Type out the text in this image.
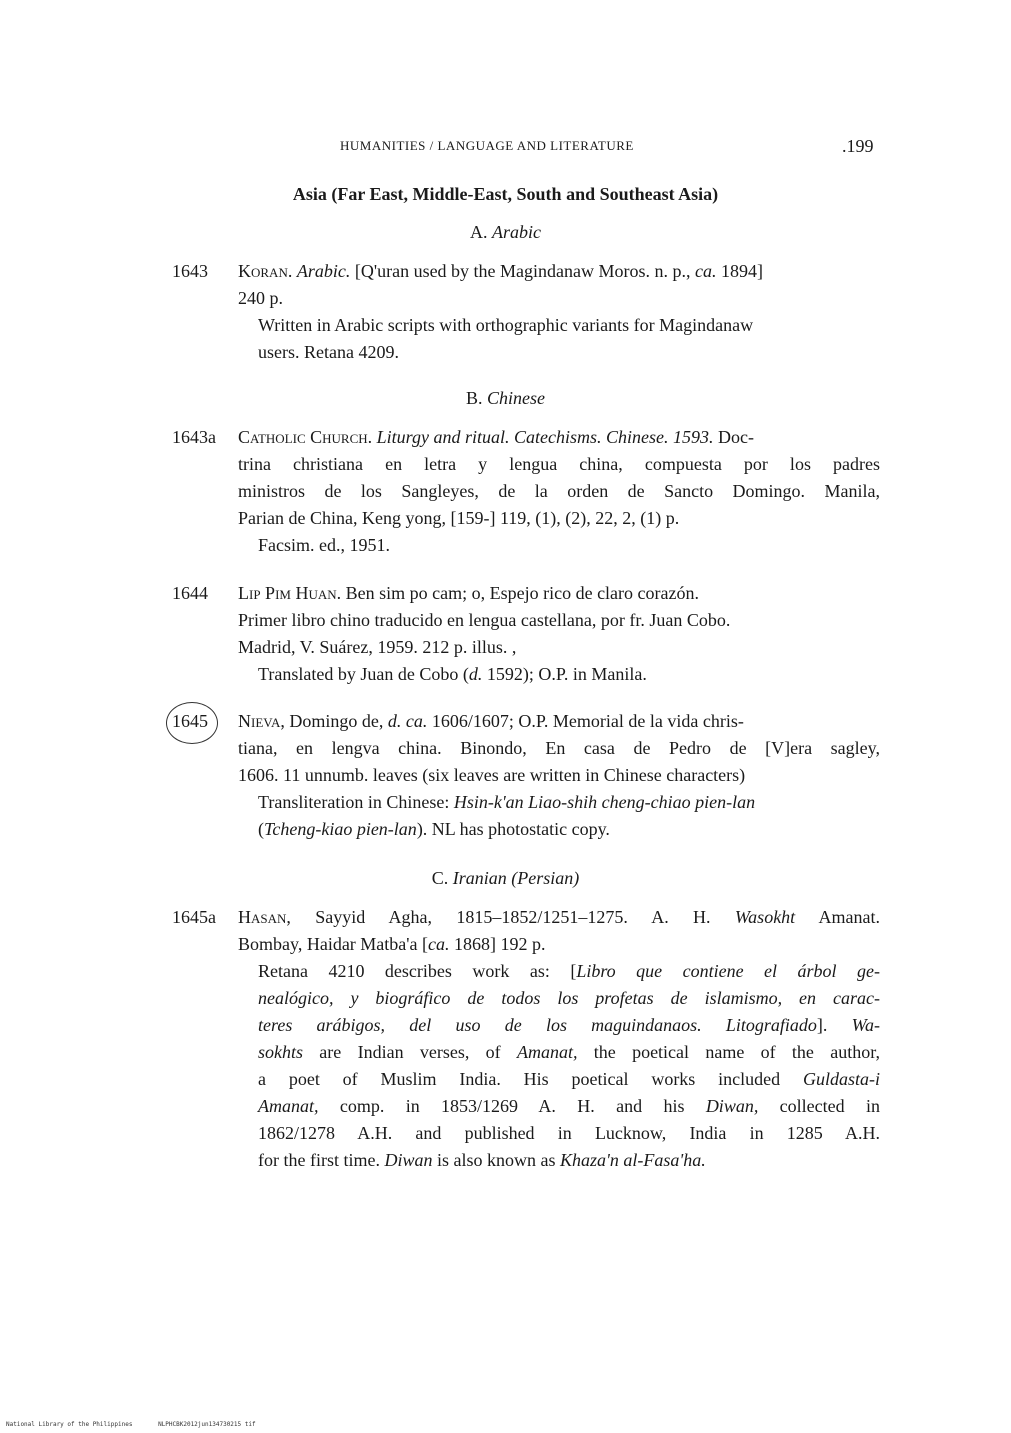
HUMANITIES / LANGUAGE AND LITERATURE	.199
Asia (Far East, Middle-East, South and Southeast Asia)
A. Arabic
1643 Koran. Arabic. [Q'uran used by the Magindanaw Moros. n. p., ca. 1894]
240 p.
Written in Arabic scripts with orthographic variants for Magindanaw
users. Retana 4209.
B. Chinese
1643a Catholic Church. Liturgy and ritual. Catechisms. Chinese. 1593. Doc-
trina christiana en letra y lengua china, compuesta por los padres
ministros de los Sangleyes, de la orden de Sancto Domingo. Manila,
Parian de China, Keng yong, [159-] 119, (1), (2), 22, 2, (1) p.
Facsim. ed., 1951.
1644 Lip Pim Huan. Ben sim po cam; o, Espejo rico de claro corazón.
Primer libro chino traducido en lengua castellana, por fr. Juan Cobo.
Madrid, V. Suárez, 1959. 212 p. illus. ,
Translated by Juan de Cobo (d. 1592); O.P. in Manila.
1645 Nieva, Domingo de, d. ca. 1606/1607; O.P. Memorial de la vida chris-
tiana, en lengva china. Binondo, En casa de Pedro de [V]era sagley,
1606. 11 unnumb. leaves (six leaves are written in Chinese characters)
Transliteration in Chinese: Hsin-k'an Liao-shih cheng-chiao pien-lan
(Tcheng-kiao pien-lan). NL has photostatic copy.
C. Iranian (Persian)
1645a Hasan, Sayyid Agha, 1815–1852/1251–1275. A. H. Wasokht Amanat.
Bombay, Haidar Matba'a [ca. 1868] 192 p.
Retana 4210 describes work as: [Libro que contiene el árbol ge-
nealógico, y biográfico de todos los profetas de islamismo, en carac-
teres arábigos, del uso de los maguindanaos. Litografiado]. Wa-
sokhts are Indian verses, of Amanat, the poetical name of the author,
a poet of Muslim India. His poetical works included Guldasta-i
Amanat, comp. in 1853/1269 A. H. and his Diwan, collected in
1862/1278 A.H. and published in Lucknow, India in 1285 A.H.
for the first time. Diwan is also known as Khaza'n al-Fasa'ha.
National Library of the Philippines	NLPHCBK2012jun134730215 tif
